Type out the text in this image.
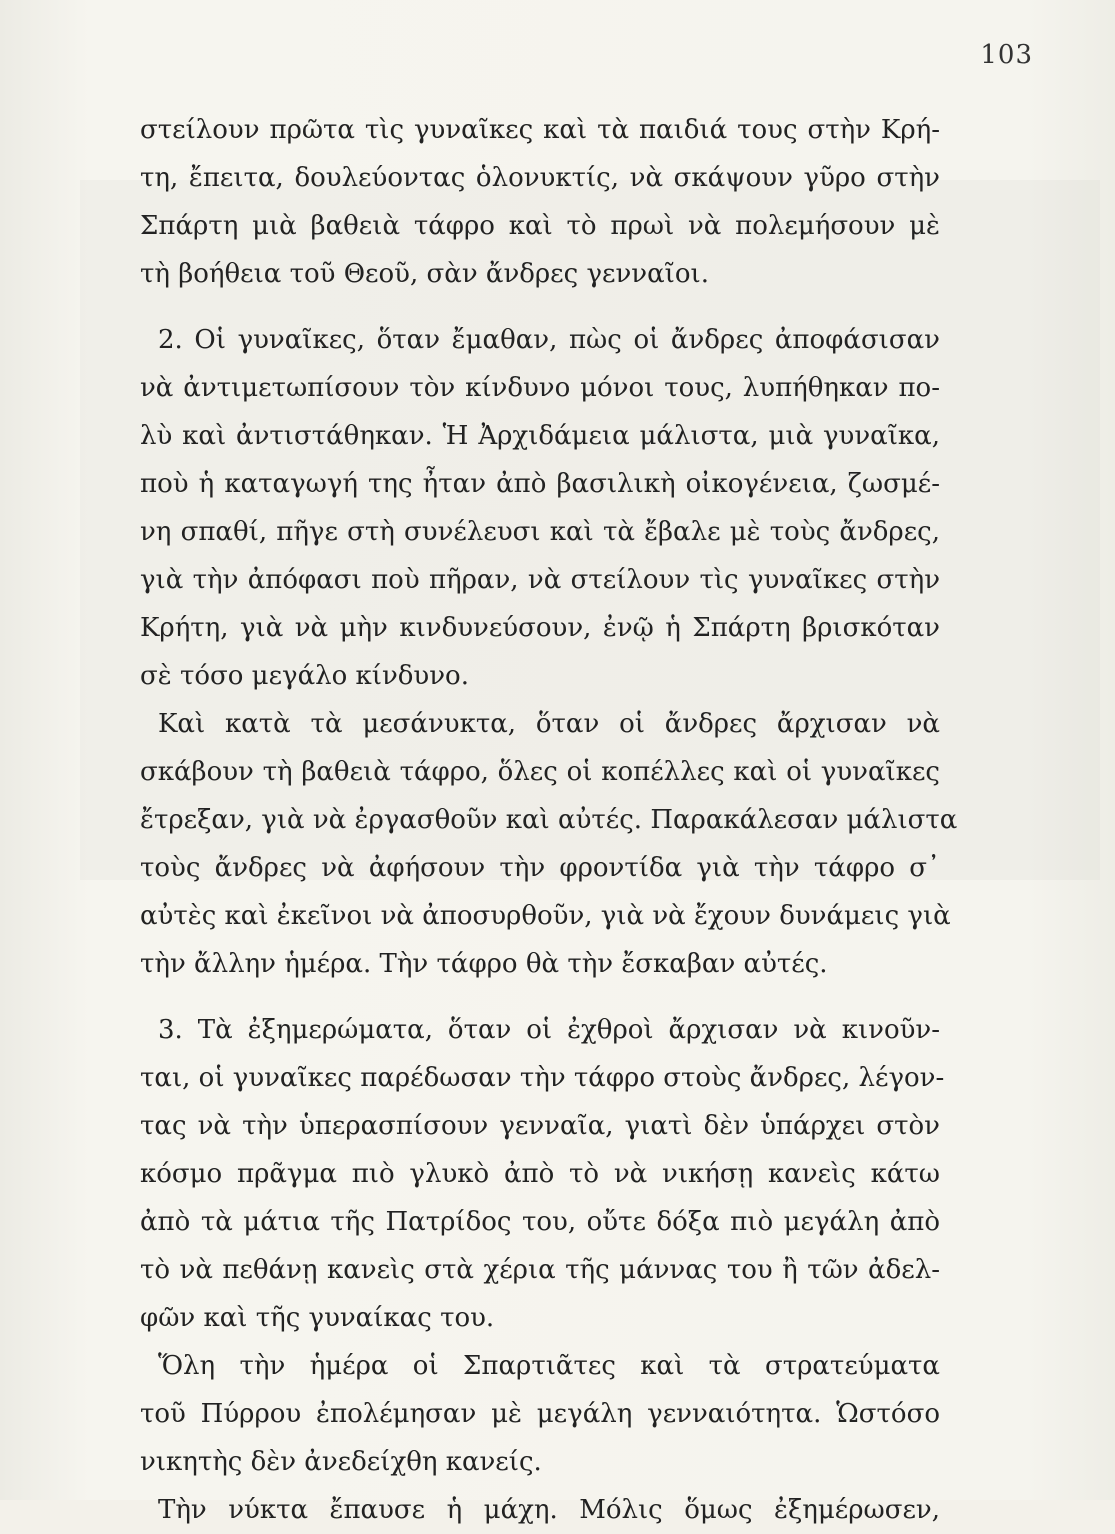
103
στείλουν πρῶτα τὶς γυναῖκες καὶ τὰ παιδιά τους στὴν Κρή-
τη, ἔπειτα, δουλεύοντας ὁλονυκτίς, νὰ σκάψουν γῦρο στὴν
Σπάρτη μιὰ βαθειὰ τάφρο καὶ τὸ πρωὶ νὰ πολεμήσουν μὲ
τὴ βοήθεια τοῦ Θεοῦ, σὰν ἄνδρες γενναῖοι.
2. Οἱ γυναῖκες, ὅταν ἔμαθαν, πὼς οἱ ἄνδρες ἀποφάσισαν
νὰ ἀντιμετωπίσουν τὸν κίνδυνο μόνοι τους, λυπήθηκαν πο-
λὺ καὶ ἀντιστάθηκαν. Ἡ Ἀρχιδάμεια μάλιστα, μιὰ γυναῖκα,
ποὺ ἡ καταγωγή της ἦταν ἀπὸ βασιλικὴ οἰκογένεια, ζωσμέ-
νη σπαθί, πῆγε στὴ συνέλευσι καὶ τὰ ἔβαλε μὲ τοὺς ἄνδρες,
γιὰ τὴν ἀπόφασι ποὺ πῆραν, νὰ στείλουν τὶς γυναῖκες στὴν
Κρήτη, γιὰ νὰ μὴν κινδυνεύσουν, ἐνῷ ἡ Σπάρτη βρισκόταν
σὲ τόσο μεγάλο κίνδυνο.
Καὶ κατὰ τὰ μεσάνυκτα, ὅταν οἱ ἄνδρες ἄρχισαν νὰ
σκάβουν τὴ βαθειὰ τάφρο, ὅλες οἱ κοπέλλες καὶ οἱ γυναῖκες
ἔτρεξαν, γιὰ νὰ ἐργασθοῦν καὶ αὐτές. Παρακάλεσαν μάλιστα
τοὺς ἄνδρες νὰ ἀφήσουν τὴν φροντίδα γιὰ τὴν τάφρο σ᾿
αὐτὲς καὶ ἐκεῖνοι νὰ ἀποσυρθοῦν, γιὰ νὰ ἔχουν δυνάμεις γιὰ
τὴν ἄλλην ἡμέρα. Τὴν τάφρο θὰ τὴν ἔσκαβαν αὐτές.
3. Τὰ ἐξημερώματα, ὅταν οἱ ἐχθροὶ ἄρχισαν νὰ κινοῦν-
ται, οἱ γυναῖκες παρέδωσαν τὴν τάφρο στοὺς ἄνδρες, λέγον-
τας νὰ τὴν ὑπερασπίσουν γενναῖα, γιατὶ δὲν ὑπάρχει στὸν
κόσμο πρᾶγμα πιὸ γλυκὸ ἀπὸ τὸ νὰ νικήσῃ κανεὶς κάτω
ἀπὸ τὰ μάτια τῆς Πατρίδος του, οὔτε δόξα πιὸ μεγάλη ἀπὸ
τὸ νὰ πεθάνῃ κανεὶς στὰ χέρια τῆς μάννας του ἢ τῶν ἀδελ-
φῶν καὶ τῆς γυναίκας του.
Ὅλη τὴν ἡμέρα οἱ Σπαρτιᾶτες καὶ τὰ στρατεύματα
τοῦ Πύρρου ἐπολέμησαν μὲ μεγάλη γενναιότητα. Ὡστόσο
νικητὴς δὲν ἀνεδείχθη κανείς.
Τὴν νύκτα ἔπαυσε ἡ μάχη. Μόλις ὅμως ἐξημέρωσεν,
